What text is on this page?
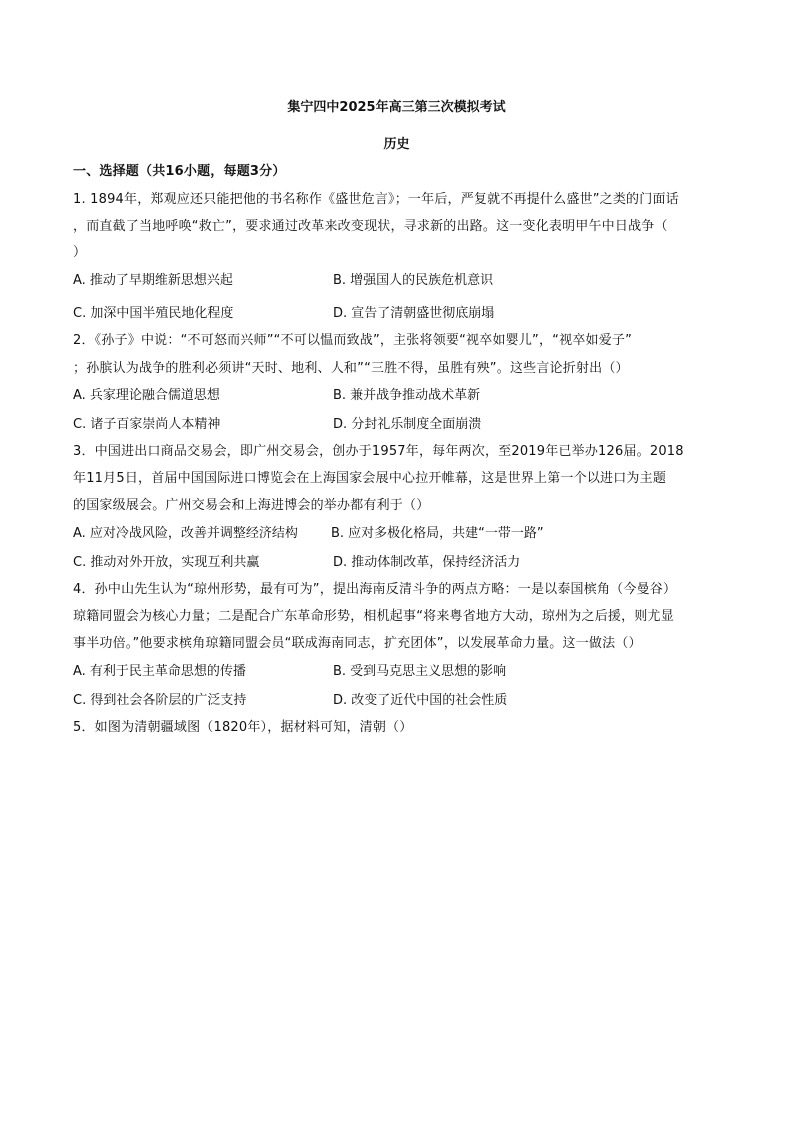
集宁四中2025年高三第三次模拟考试
历史
一、选择题（共16小题，每题3分）
1. 1894年，郑观应还只能把他的书名称作《盛世危言》；一年后，严复就不再提什么盛世”之类的门面话
，而直截了当地呼唤“救亡”，要求通过改革来改变现状，寻求新的出路。这一变化表明甲午中日战争（
）
A. 推动了早期维新思想兴起	B. 增强国人的民族危机意识
C. 加深中国半殖民地化程度	D. 宣告了清朝盛世彻底崩塌
2．《孙子》中说：“不可怒而兴师”“不可以愠而致战”，主张将领要“视卒如婴儿”，“视卒如爱子”
；孙膑认为战争的胜利必须讲“天时、地利、人和”“三胜不得，虽胜有殃”。这些言论折射出（）
A. 兵家理论融合儒道思想	B. 兼并战争推动战术革新
C. 诸子百家崇尚人本精神	D. 分封礼乐制度全面崩溃
3．中国进出口商品交易会，即广州交易会，创办于1957年，每年两次，至2019年已举办126届。2018
年11月5日，首届中国国际进口博览会在上海国家会展中心拉开帷幕，这是世界上第一个以进口为主题
的国家级展会。广州交易会和上海进博会的举办都有利于（）
A. 应对冷战风险，改善并调整经济结构	B. 应对多极化格局，共建“一带一路”
C. 推动对外开放，实现互利共赢	D. 推动体制改革，保持经济活力
4．孙中山先生认为“琼州形势，最有可为”，提出海南反清斗争的两点方略：一是以泰国槟角（今曼谷）
琼籍同盟会为核心力量；二是配合广东革命形势，相机起事“将来粤省地方大动，琼州为之后援，则尤显
事半功倍。”他要求槟角琼籍同盟会员“联成海南同志，扩充团体”，以发展革命力量。这一做法（）
A. 有利于民主革命思想的传播	B. 受到马克思主义思想的影响
C. 得到社会各阶层的广泛支持	D. 改变了近代中国的社会性质
5．如图为清朝疆域图（1820年），据材料可知，清朝（）
